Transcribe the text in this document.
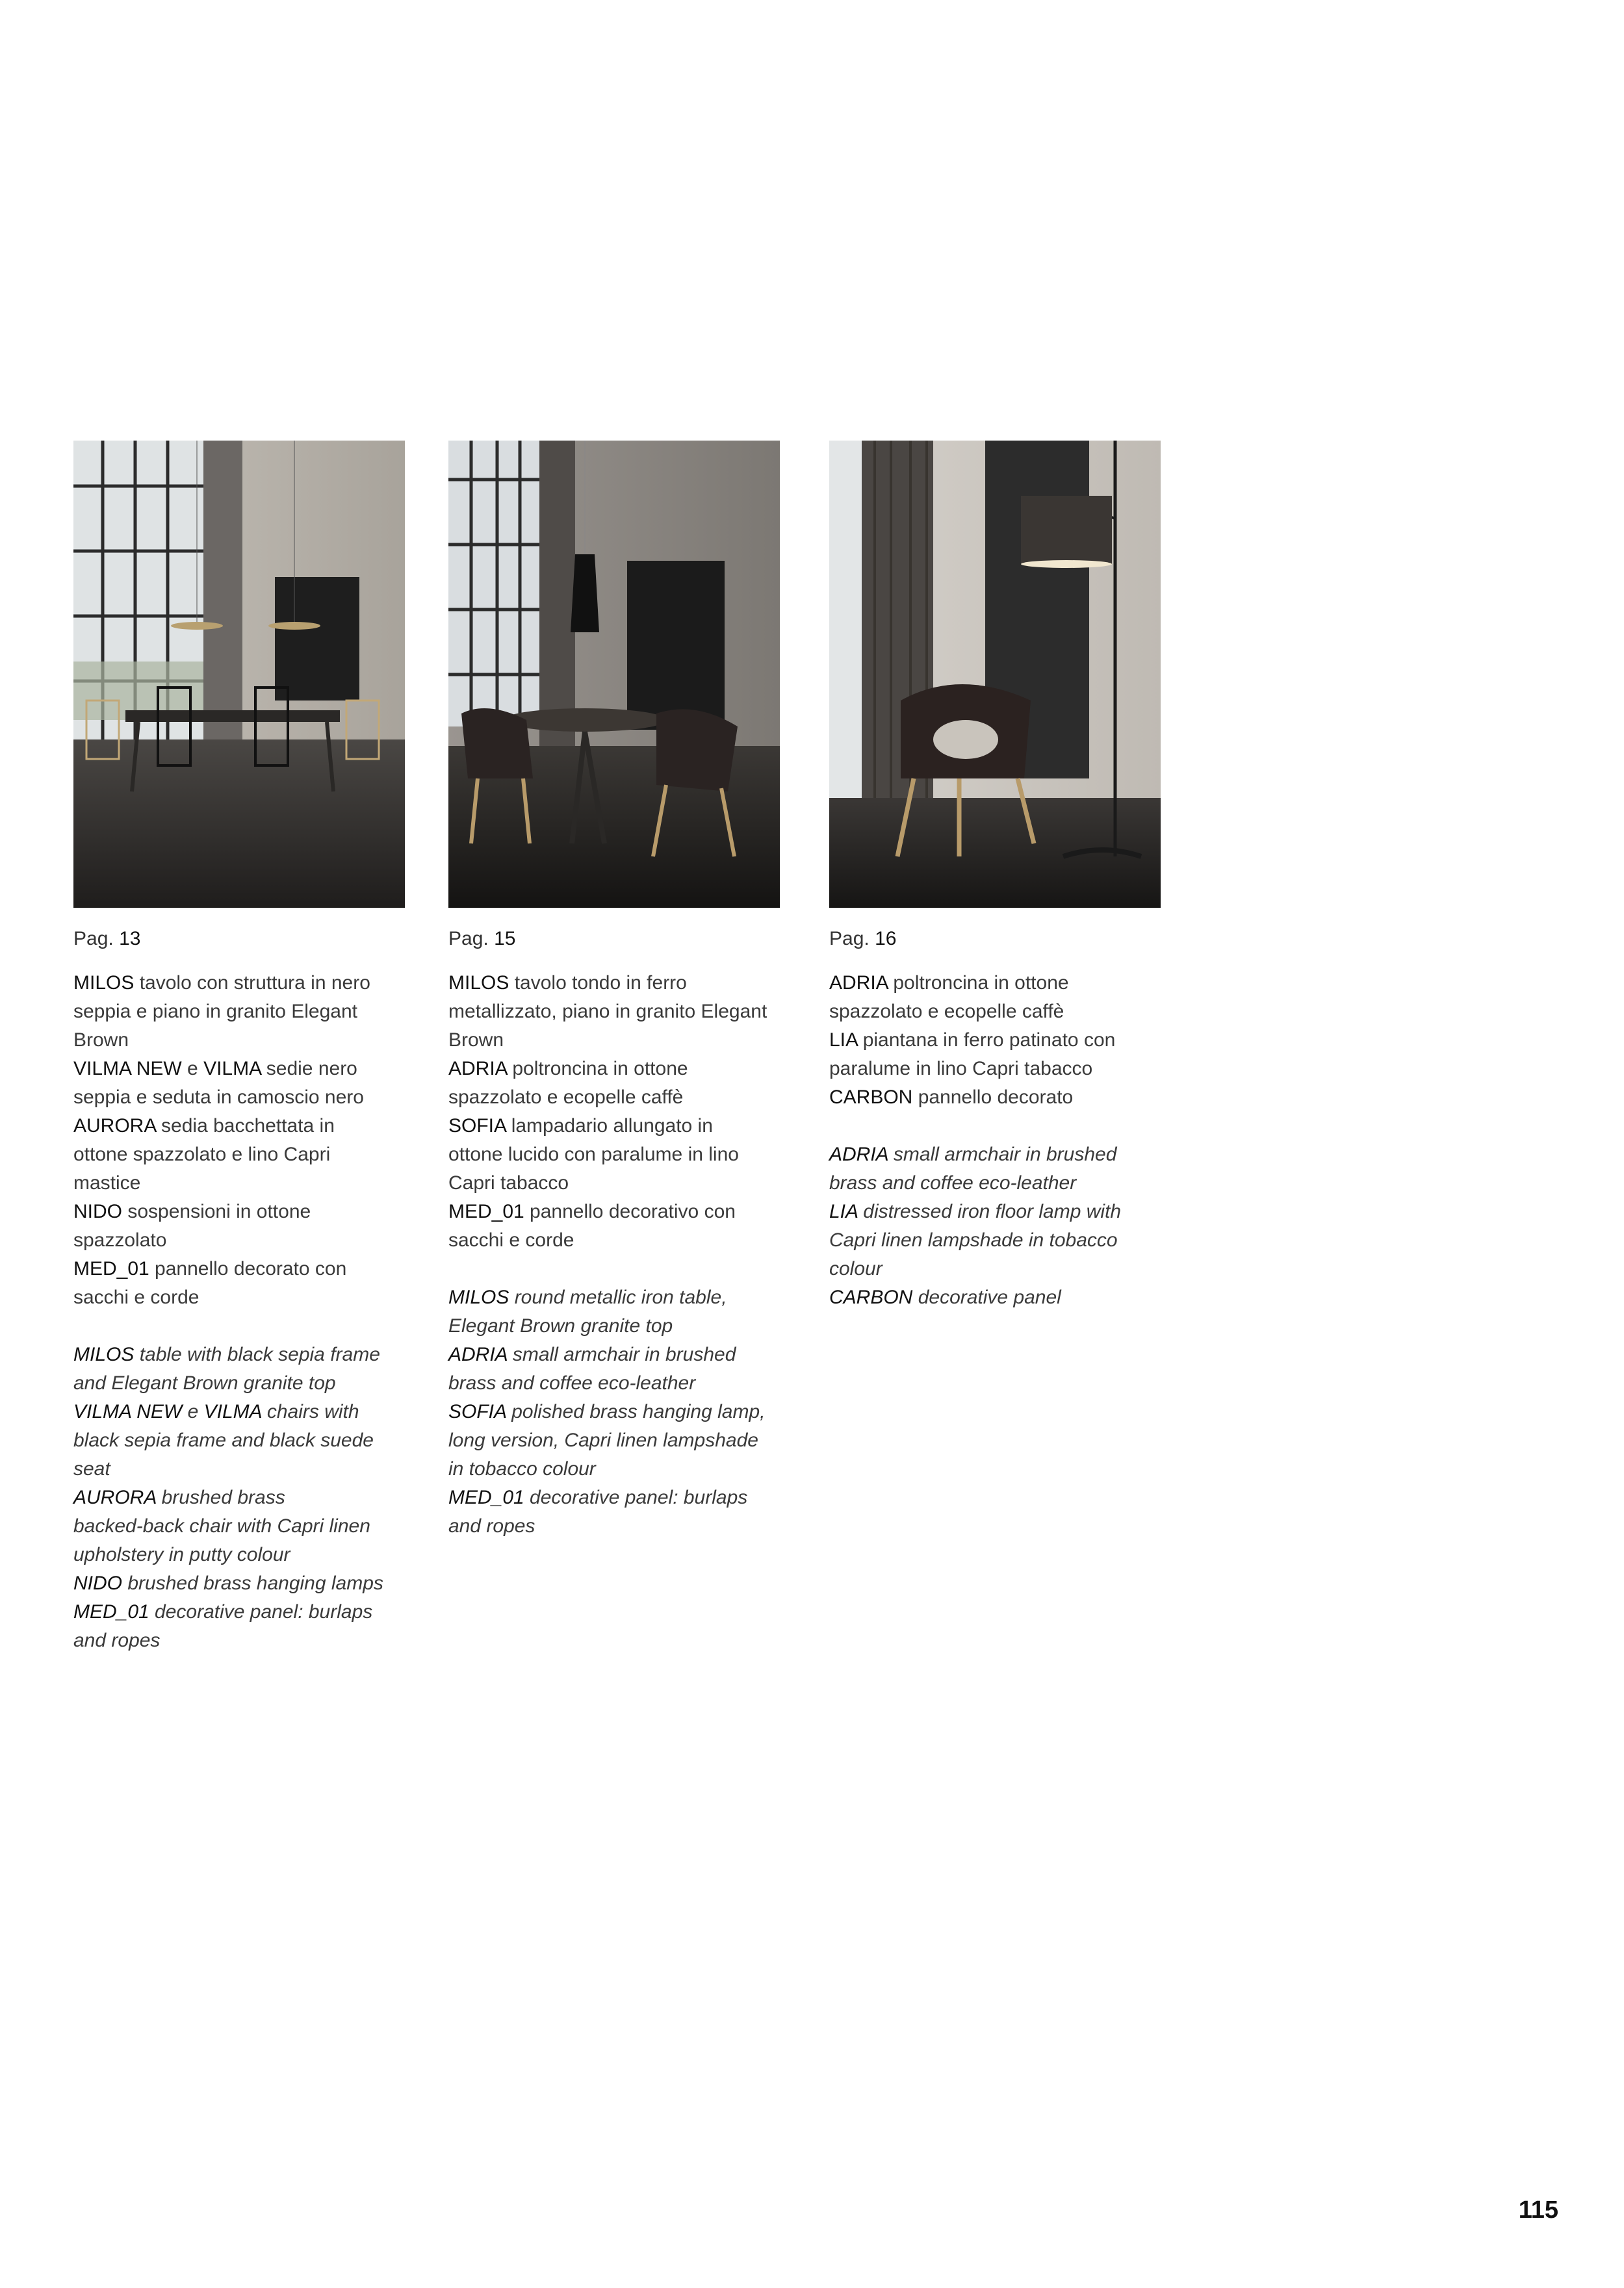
Pag. 13
MILOS tavolo con struttura in nero
seppia e piano in granito Elegant
Brown
VILMA NEW e VILMA sedie nero
seppia e seduta in camoscio nero
AURORA sedia bacchettata in
ottone spazzolato e lino Capri
mastice
NIDO sospensioni in ottone
spazzolato
MED_01 pannello decorato con
sacchi e corde
MILOS table with black sepia frame
and Elegant Brown granite top
VILMA NEW e VILMA chairs with
black sepia frame and black suede
seat
AURORA brushed brass
backed-back chair with Capri linen
upholstery in putty colour
NIDO brushed brass hanging lamps
MED_01 decorative panel: burlaps
and ropes
Pag. 15
MILOS tavolo tondo in ferro
metallizzato, piano in granito Elegant
Brown
ADRIA poltroncina in ottone
spazzolato e ecopelle caffè
SOFIA lampadario allungato in
ottone lucido con paralume in lino
Capri tabacco
MED_01 pannello decorativo con
sacchi e corde
MILOS round metallic iron table,
Elegant Brown granite top
ADRIA small armchair in brushed
brass and coffee eco-leather
SOFIA polished brass hanging lamp,
long version, Capri linen lampshade
in tobacco colour
MED_01 decorative panel: burlaps
and ropes
Pag. 16
ADRIA poltroncina in ottone
spazzolato e ecopelle caffè
LIA piantana in ferro patinato con
paralume in lino Capri tabacco
CARBON pannello decorato
ADRIA small armchair in brushed
brass and coffee eco-leather
LIA distressed iron floor lamp with
Capri linen lampshade in tobacco
colour
CARBON decorative panel
115
